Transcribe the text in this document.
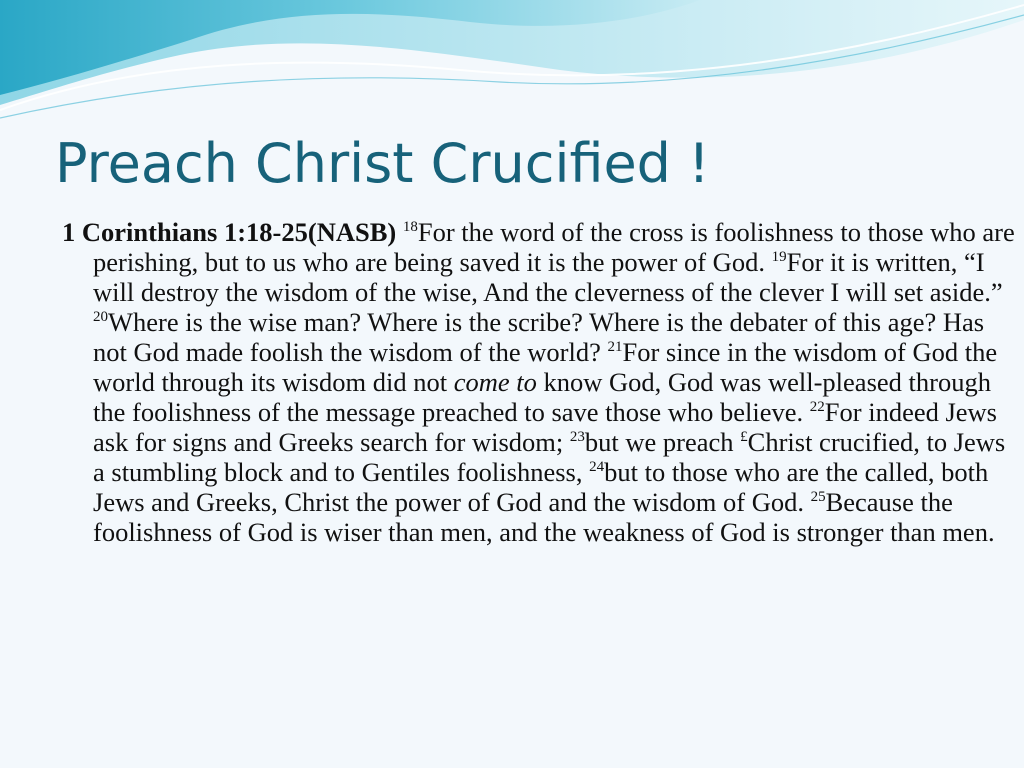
Preach Christ Crucified !

1 Corinthians 1:18-25(NASB) $^{18}$For the word of the cross is foolishness to those who are perishing, but to us who are being saved it is the power of God. $^{19}$For it is written, “I will destroy the wisdom of the wise, And the cleverness of the clever I will set aside.” $^{20}$Where is the wise man? Where is the scribe? Where is the debater of this age? Has not God made foolish the wisdom of the world? $^{21}$For since in the wisdom of God the world through its wisdom did not come to know God, God was well-pleased through the foolishness of the message preached to save those who believe. $^{22}$For indeed Jews ask for signs and Greeks search for wisdom; $^{23}$but we preach £Christ crucified, to Jews a stumbling block and to Gentiles foolishness, $^{24}$but to those who are the called, both Jews and Greeks, Christ the power of God and the wisdom of God. $^{25}$Because the foolishness of God is wiser than men, and the weakness of God is stronger than men.
